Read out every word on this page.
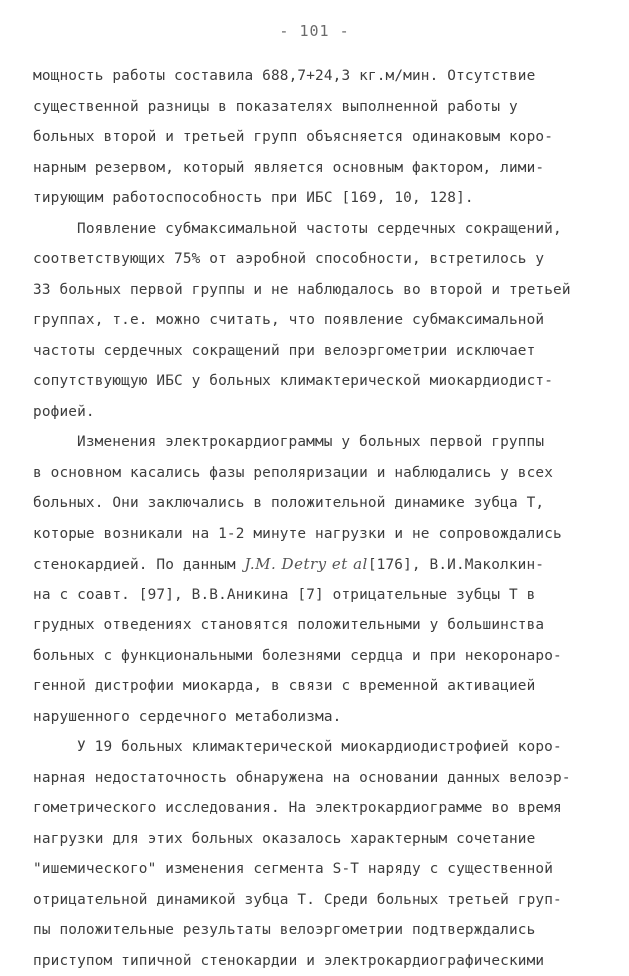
- 101 -

мощность работы составила 688,7+24,3 кг.м/мин. Отсутствие
существенной разницы в показателях выполненной работы у
больных второй и третьей групп объясняется одинаковым коро-
нарным резервом, который является основным фактором, лими-
тирующим работоспособность при ИБС [169, 10, 128].

Появление субмаксимальной частоты сердечных сокращений,
соответствующих 75% от аэробной способности, встретилось у
33 больных первой группы и не наблюдалось во второй и третьей
группах, т.е. можно считать, что появление субмаксимальной
частоты сердечных сокращений при велоэргометрии исключает
сопутствующую ИБС у больных климактерической миокардиодист-
рофией.

Изменения электрокардиограммы у больных первой группы
в основном касались фазы реполяризации и наблюдались у всех
больных. Они заключались в положительной динамике зубца Т,
которые возникали на 1-2 минуте нагрузки и не сопровождались
стенокардией. По данным J.M. Detry et al[176], В.И.Маколкин-
на с соавт. [97], В.В.Аникина [7] отрицательные зубцы Т в
грудных отведениях становятся положительными у большинства
больных с функциональными болезнями сердца и при некоронаро-
генной дистрофии миокарда, в связи с временной активацией
нарушенного сердечного метаболизма.

У 19 больных климактерической миокардиодистрофией коро-
нарная недостаточность обнаружена на основании данных велоэр-
гометрического исследования. На электрокардиограмме во время
нагрузки для этих больных оказалось характерным сочетание
"ишемического" изменения сегмента S-T наряду с существенной
отрицательной динамикой зубца Т. Среди больных третьей груп-
пы положительные результаты велоэргометрии подтверждались
приступом типичной стенокардии и электрокардиографическими
